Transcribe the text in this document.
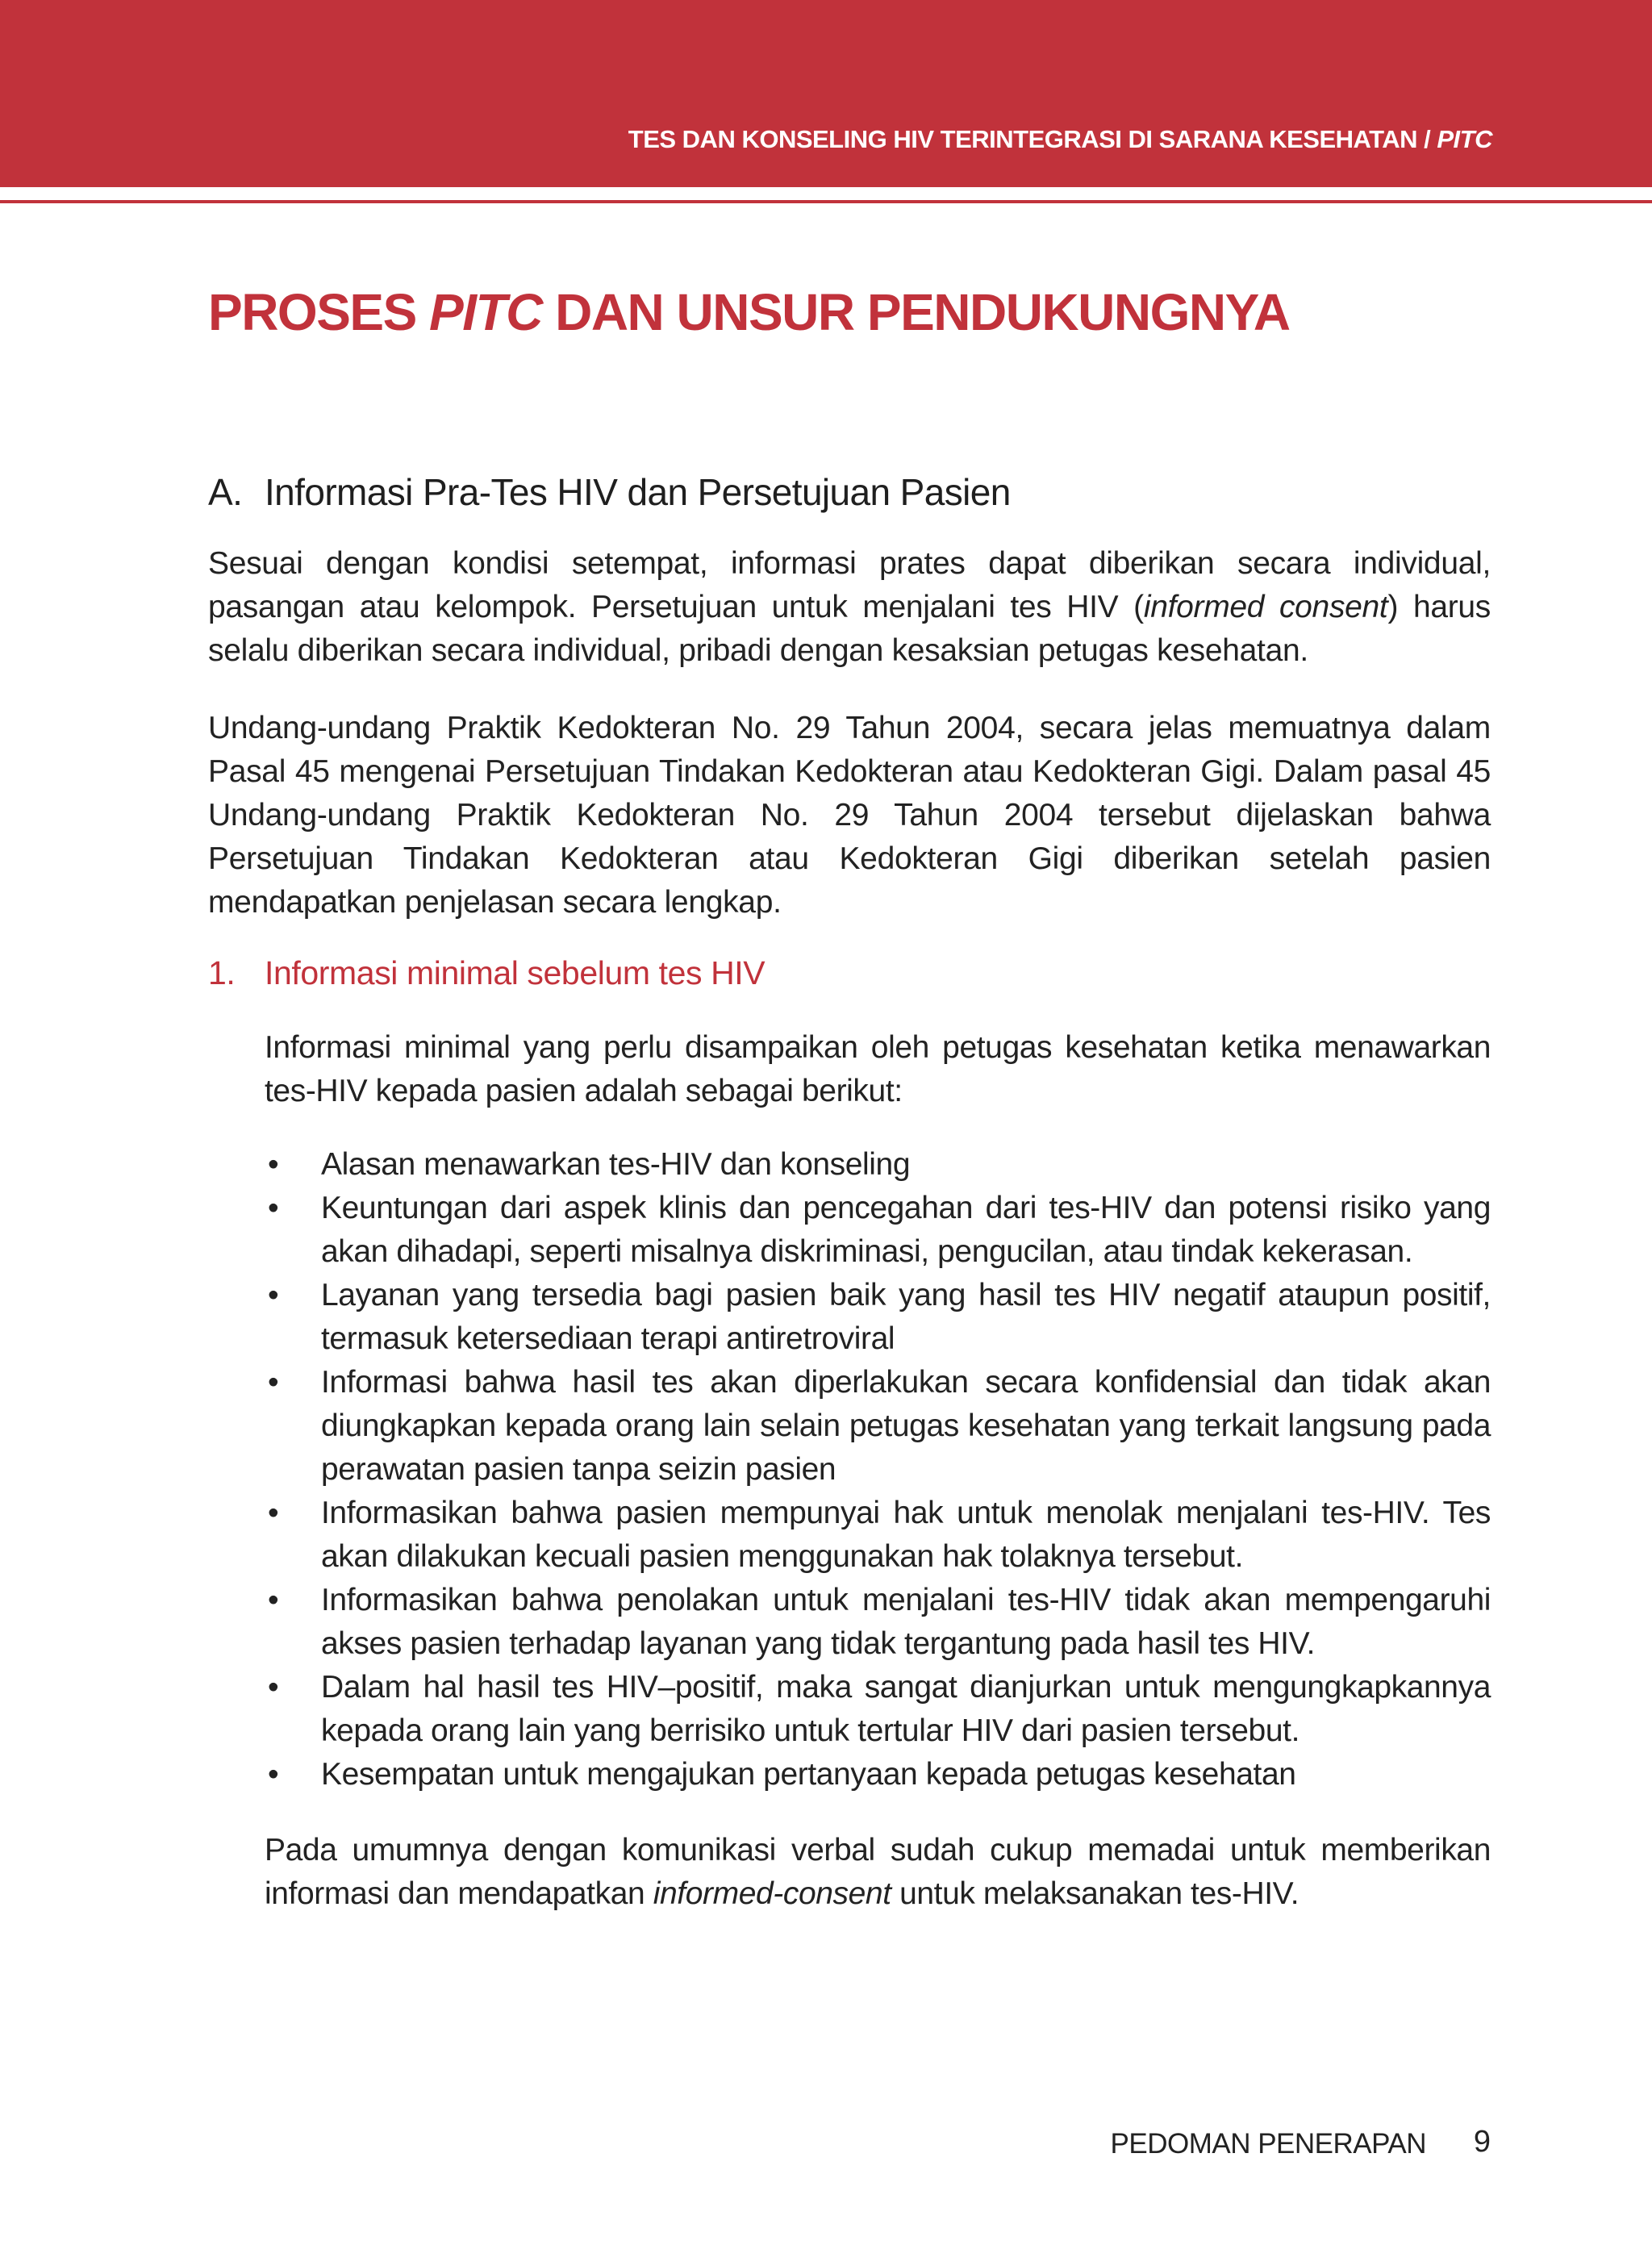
TES DAN KONSELING HIV TERINTEGRASI DI SARANA KESEHATAN / PITC
PROSES PITC DAN UNSUR PENDUKUNGNYA
A. Informasi Pra-Tes HIV dan Persetujuan Pasien

Sesuai dengan kondisi setempat, informasi prates dapat diberikan secara individual, pasangan atau kelompok. Persetujuan untuk menjalani tes HIV (informed consent) harus selalu diberikan secara individual, pribadi dengan kesaksian petugas kesehatan.

Undang-undang Praktik Kedokteran No. 29 Tahun 2004, secara jelas memuatnya dalam Pasal 45 mengenai Persetujuan Tindakan Kedokteran atau Kedokteran Gigi. Dalam pasal 45 Undang-undang Praktik Kedokteran No. 29 Tahun 2004 tersebut dijelaskan bahwa Persetujuan Tindakan Kedokteran atau Kedokteran Gigi diberikan setelah pasien mendapatkan penjelasan secara lengkap.

1. Informasi minimal sebelum tes HIV

Informasi minimal yang perlu disampaikan oleh petugas kesehatan ketika menawarkan tes-HIV kepada pasien adalah sebagai berikut:

• Alasan menawarkan tes-HIV dan konseling
• Keuntungan dari aspek klinis dan pencegahan dari tes-HIV dan potensi risiko yang akan dihadapi, seperti misalnya diskriminasi, pengucilan, atau tindak kekerasan.
• Layanan yang tersedia bagi pasien baik yang hasil tes HIV negatif ataupun positif, termasuk ketersediaan terapi antiretroviral
• Informasi bahwa hasil tes akan diperlakukan secara konfidensial dan tidak akan diungkapkan kepada orang lain selain petugas kesehatan yang terkait langsung pada perawatan pasien tanpa seizin pasien
• Informasikan bahwa pasien mempunyai hak untuk menolak menjalani tes-HIV. Tes akan dilakukan kecuali pasien menggunakan hak tolaknya tersebut.
• Informasikan bahwa penolakan untuk menjalani tes-HIV tidak akan mempengaruhi akses pasien terhadap layanan yang tidak tergantung pada hasil tes HIV.
• Dalam hal hasil tes HIV–positif, maka sangat dianjurkan untuk mengungkapkannya kepada orang lain yang berrisiko untuk tertular HIV dari pasien tersebut.
• Kesempatan untuk mengajukan pertanyaan kepada petugas kesehatan

Pada umumnya dengan komunikasi verbal sudah cukup memadai untuk memberikan informasi dan mendapatkan informed-consent untuk melaksanakan tes-HIV.

PEDOMAN PENERAPAN 9
